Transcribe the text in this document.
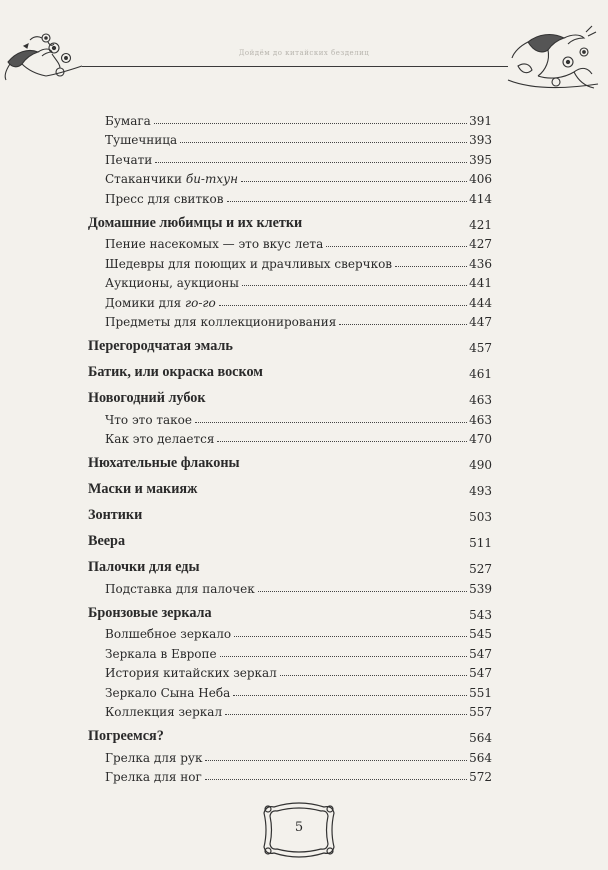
Дойдём до китайских безделиц
Бумага	391
Тушечница	393
Печати	395
Стаканчики би-тхун	406
Пресс для свитков	414
Домашние любимцы и их клетки	421
Пение насекомых — это вкус лета	427
Шедевры для поющих и драчливых сверчков	436
Аукционы, аукционы	441
Домики для го-го	444
Предметы для коллекционирования	447
Перегородчатая эмаль	457
Батик, или окраска воском	461
Новогодний лубок	463
Что это такое	463
Как это делается	470
Нюхательные флаконы	490
Маски и макияж	493
Зонтики	503
Веера	511
Палочки для еды	527
Подставка для палочек	539
Бронзовые зеркала	543
Волшебное зеркало	545
Зеркала в Европе	547
История китайских зеркал	547
Зеркало Сына Неба	551
Коллекция зеркал	557
Погреемся?	564
Грелка для рук	564
Грелка для ног	572
5
